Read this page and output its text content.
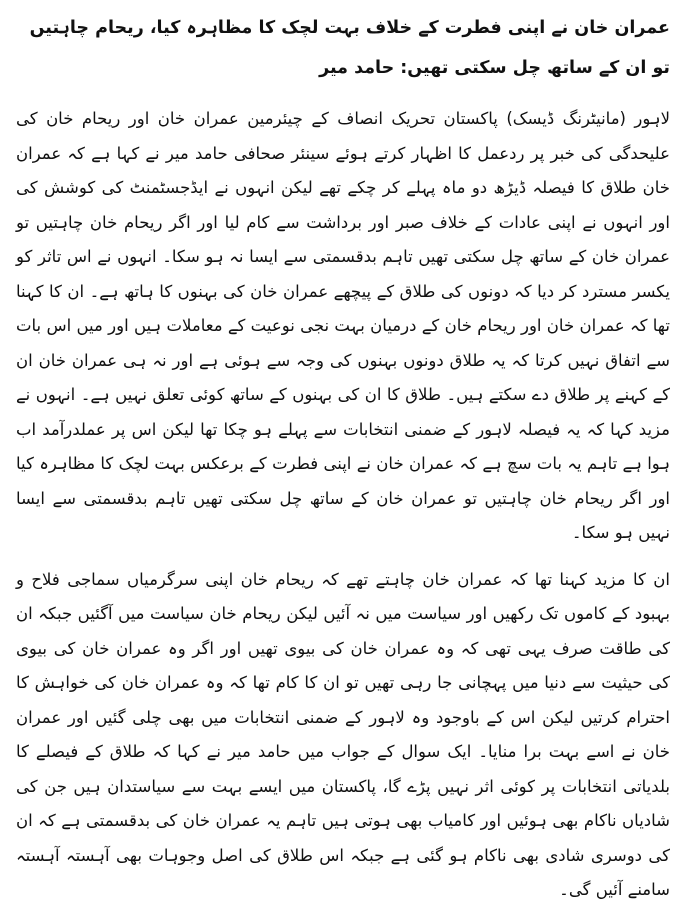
عمران خان نے اپنی فطرت کے خلاف بہت لچک کا مظاہرہ کیا، ریحام چاہتیں تو ان کے ساتھ چل سکتی تھیں: حامد میر

لاہور (مانیٹرنگ ڈیسک) پاکستان تحریک انصاف کے چیئرمین عمران خان اور ریحام خان کی علیحدگی کی خبر پر ردعمل کا اظہار کرتے ہوئے سینئر صحافی حامد میر نے کہا ہے کہ عمران خان طلاق کا فیصلہ ڈیڑھ دو ماہ پہلے کر چکے تھے لیکن انہوں نے ایڈجسٹمنٹ کی کوشش کی اور انہوں نے اپنی عادات کے خلاف صبر اور برداشت سے کام لیا اور اگر ریحام خان چاہتیں تو عمران خان کے ساتھ چل سکتی تھیں تاہم بدقسمتی سے ایسا نہ ہو سکا۔ انہوں نے اس تاثر کو یکسر مسترد کر دیا کہ دونوں کی طلاق کے پیچھے عمران خان کی بہنوں کا ہاتھ ہے۔ ان کا کہنا تھا کہ عمران خان اور ریحام خان کے درمیان بہت نجی نوعیت کے معاملات ہیں اور میں اس بات سے اتفاق نہیں کرتا کہ یہ طلاق دونوں بہنوں کی وجہ سے ہوئی ہے اور نہ ہی عمران خان ان کے کہنے پر طلاق دے سکتے ہیں۔ طلاق کا ان کی بہنوں کے ساتھ کوئی تعلق نہیں ہے۔ انہوں نے مزید کہا کہ یہ فیصلہ لاہور کے ضمنی انتخابات سے پہلے ہو چکا تھا لیکن اس پر عملدرآمد اب ہوا ہے تاہم یہ بات سچ ہے کہ عمران خان نے اپنی فطرت کے برعکس بہت لچک کا مظاہرہ کیا اور اگر ریحام خان چاہتیں تو عمران خان کے ساتھ چل سکتی تھیں تاہم بدقسمتی سے ایسا نہیں ہو سکا۔

ان کا مزید کہنا تھا کہ عمران خان چاہتے تھے کہ ریحام خان اپنی سرگرمیاں سماجی فلاح و بہبود کے کاموں تک رکھیں اور سیاست میں نہ آئیں لیکن ریحام خان سیاست میں آگئیں جبکہ ان کی طاقت صرف یہی تھی کہ وہ عمران خان کی بیوی تھیں اور اگر وہ عمران خان کی بیوی کی حیثیت سے دنیا میں پہچانی جا رہی تھیں تو ان کا کام تھا کہ وہ عمران خان کی خواہش کا احترام کرتیں لیکن اس کے باوجود وہ لاہور کے ضمنی انتخابات میں بھی چلی گئیں اور عمران خان نے اسے بہت برا منایا۔ ایک سوال کے جواب میں حامد میر نے کہا کہ طلاق کے فیصلے کا بلدیاتی انتخابات پر کوئی اثر نہیں پڑے گا، پاکستان میں ایسے بہت سے سیاستدان ہیں جن کی شادیاں ناکام بھی ہوئیں اور کامیاب بھی ہوتی ہیں تاہم یہ عمران خان کی بدقسمتی ہے کہ ان کی دوسری شادی بھی ناکام ہو گئی ہے جبکہ اس طلاق کی اصل وجوہات بھی آہستہ آہستہ سامنے آئیں گی۔
